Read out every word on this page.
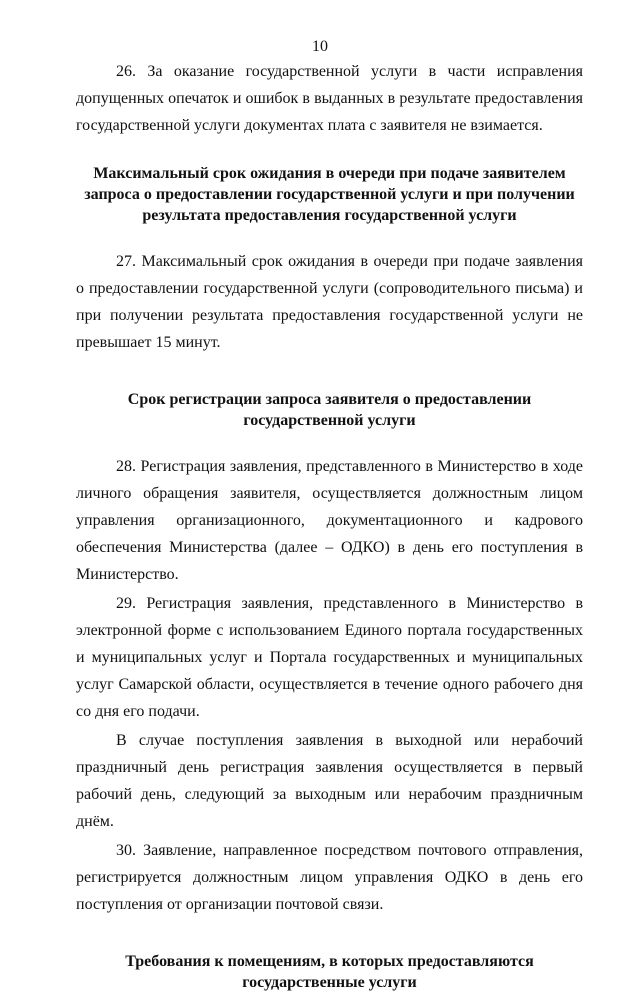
10

26. За оказание государственной услуги в части исправления допущенных опечаток и ошибок в выданных в результате предоставления государственной услуги документах плата с заявителя не взимается.

Максимальный срок ожидания в очереди при подаче заявителем запроса о предоставлении государственной услуги и при получении результата предоставления государственной услуги

27. Максимальный срок ожидания в очереди при подаче заявления о предоставлении государственной услуги (сопроводительного письма) и при получении результата предоставления государственной услуги не превышает 15 минут.

Срок регистрации запроса заявителя о предоставлении государственной услуги

28. Регистрация заявления, представленного в Министерство в ходе личного обращения заявителя, осуществляется должностным лицом управления организационного, документационного и кадрового обеспечения Министерства (далее – ОДКО) в день его поступления в Министерство.

29. Регистрация заявления, представленного в Министерство в электронной форме с использованием Единого портала государственных и муниципальных услуг и Портала государственных и муниципальных услуг Самарской области, осуществляется в течение одного рабочего дня со дня его подачи.

В случае поступления заявления в выходной или нерабочий праздничный день регистрация заявления осуществляется в первый рабочий день, следующий за выходным или нерабочим праздничным днём.

30. Заявление, направленное посредством почтового отправления, регистрируется должностным лицом управления ОДКО в день его поступления от организации почтовой связи.

Требования к помещениям, в которых предоставляются государственные услуги
